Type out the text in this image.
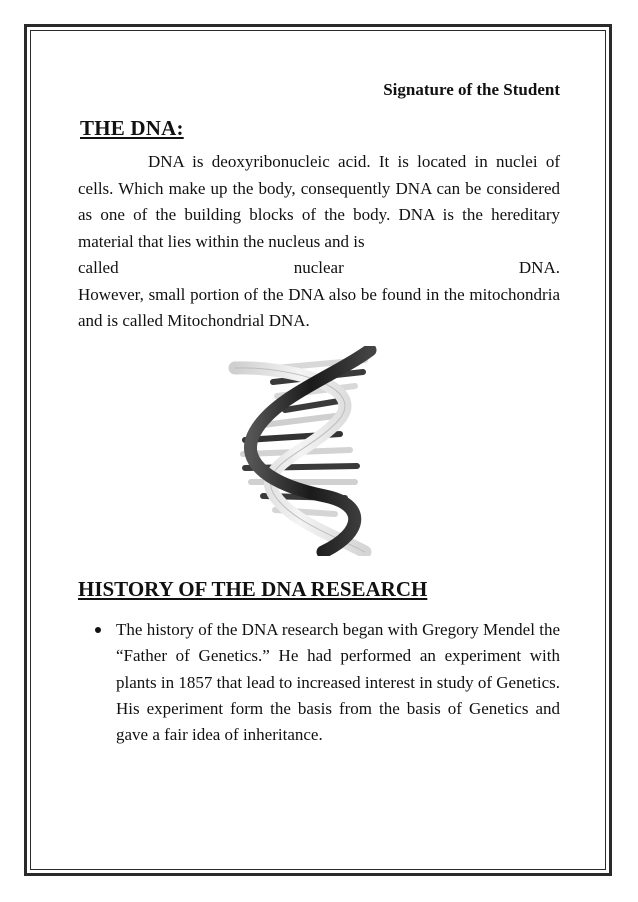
Signature of the Student
THE DNA:

DNA is deoxyribonucleic acid. It is located in nuclei of cells. Which make up the body, consequently DNA can be considered as one of the building blocks of the body. DNA is the hereditary material that lies within the nucleus and is

called	nuclear	DNA.

However, small portion of the DNA also be found in the mitochondria and is called Mitochondrial DNA.

HISTORY OF THE DNA RESEARCH
The history of the DNA research began with Gregory Mendel the “Father of Genetics.” He had performed an experiment with plants in 1857 that lead to increased interest in study of Genetics. His experiment form the basis from the basis of Genetics and gave a fair idea of inheritance.
